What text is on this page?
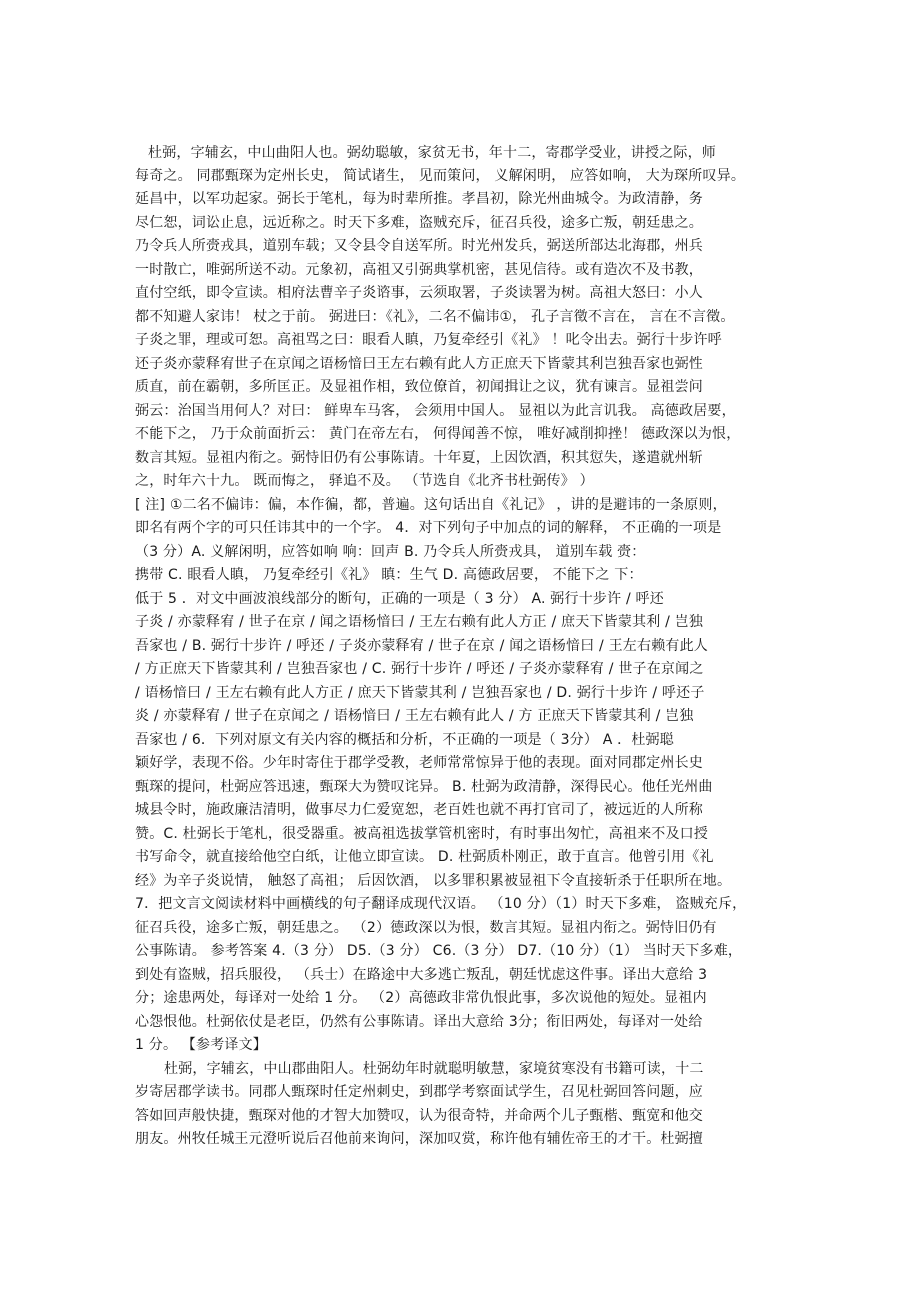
杜弼，字辅玄，中山曲阳人也。弼幼聪敏，家贫无书，年十二，寄郡学受业，讲授之际，师
每奇之。 同郡甄琛为定州长史， 简试诸生， 见而策问， 义解闲明， 应答如响， 大为琛所叹异。
延昌中，以军功起家。弼长于笔札，每为时辈所推。孝昌初，除光州曲城令。为政清静，务
尽仁恕，词讼止息，远近称之。时天下多难，盗贼充斥，征召兵役，途多亡叛，朝廷患之。
乃令兵人所赍戎具，道别车载；又令县令自送军所。时光州发兵，弼送所部达北海郡，州兵
一时散亡，唯弼所送不动。元象初，高祖又引弼典掌机密，甚见信待。或有造次不及书教，
直付空纸，即令宣读。相府法曹辛子炎谘事，云须取署，子炎读署为树。高祖大怒曰：小人
都不知避人家讳！ 杖之于前。 弼进曰：《礼》，二名不偏讳①， 孔子言徵不言在， 言在不言徵。
子炎之罪，理或可恕。高祖骂之曰：眼看人瞋，乃复牵经引《礼》 ！叱令出去。弼行十步许呼
还子炎亦蒙释宥世子在京闻之语杨愔曰王左右赖有此人方正庶天下皆蒙其利岂独吾家也弼性
质直，前在霸朝，多所匡正。及显祖作相，致位僚首，初闻揖让之议，犹有谏言。显祖尝问
弼云：治国当用何人？对曰： 鲜卑车马客， 会须用中国人。 显祖以为此言讥我。 高德政居要，
不能下之， 乃于众前面折云： 黄门在帝左右， 何得闻善不惊， 唯好减削抑挫！ 德政深以为恨，
数言其短。显祖内衔之。弼恃旧仍有公事陈请。十年夏，上因饮酒，积其愆失，遂遣就州斩
之，时年六十九。 既而悔之， 驿追不及。 （节选自《北齐书杜弼传》 ）
[ 注] ①二名不偏讳：偏，本作徧，都，普遍。这句话出自《礼记》 ，讲的是避讳的一条原则，
即名有两个字的可只任讳其中的一个字。 4．对下列句子中加点的词的解释， 不正确的一项是
（3 分）A. 义解闲明，应答如响 响：回声 B. 乃令兵人所赍戎具， 道别车载 赍：
携带 C. 眼看人瞋， 乃复牵经引《礼》 瞋：生气 D. 高德政居要， 不能下之 下：
低于 5 ．对文中画波浪线部分的断句，正确的一项是（ 3 分） A. 弼行十步许 / 呼还
子炎 / 亦蒙释宥 / 世子在京 / 闻之语杨愔曰 / 王左右赖有此人方正 / 庶天下皆蒙其利 / 岂独
吾家也 / B. 弼行十步许 / 呼还 / 子炎亦蒙释宥 / 世子在京 / 闻之语杨愔曰 / 王左右赖有此人
/ 方正庶天下皆蒙其利 / 岂独吾家也 / C. 弼行十步许 / 呼还 / 子炎亦蒙释宥 / 世子在京闻之
/ 语杨愔曰 / 王左右赖有此人方正 / 庶天下皆蒙其利 / 岂独吾家也 / D. 弼行十步许 / 呼还子
炎 / 亦蒙释宥 / 世子在京闻之 / 语杨愔曰 / 王左右赖有此人 / 方 正庶天下皆蒙其利 / 岂独
吾家也 / 6．下列对原文有关内容的概括和分析，不正确的一项是（ 3分） A ．杜弼聪
颖好学，表现不俗。少年时寄住于郡学受教，老师常常惊异于他的表现。面对同郡定州长史
甄琛的提问，杜弼应答迅速，甄琛大为赞叹诧异。 B. 杜弼为政清静，深得民心。他任光州曲
城县令时，施政廉洁清明，做事尽力仁爱宽恕，老百姓也就不再打官司了，被远近的人所称
赞。C. 杜弼长于笔札，很受器重。被高祖选拔掌管机密时，有时事出匆忙，高祖来不及口授
书写命令，就直接给他空白纸，让他立即宣读。 D. 杜弼质朴刚正，敢于直言。他曾引用《礼
经》为辛子炎说情， 触怒了高祖； 后因饮酒， 以多罪积累被显祖下令直接斩杀于任职所在地。
7．把文言文阅读材料中画横线的句子翻译成现代汉语。 （10 分）（1）时天下多难， 盗贼充斥，
征召兵役，途多亡叛，朝廷患之。 （2）德政深以为恨，数言其短。显祖内衔之。弼恃旧仍有
公事陈请。 参考答案 4.（3 分） D5.（3 分） C6.（3 分） D7.（10 分）（1） 当时天下多难，
到处有盗贼，招兵服役， （兵士）在路途中大多逃亡叛乱，朝廷忧虑这件事。译出大意给 3
分；途患两处，每译对一处给 1 分。 （2）高德政非常仇恨此事，多次说他的短处。显祖内
心怨恨他。杜弼依仗是老臣，仍然有公事陈请。译出大意给 3分；衔旧两处，每译对一处给
1 分。 【参考译文】
杜弼，字辅玄，中山郡曲阳人。杜弼幼年时就聪明敏慧，家境贫寒没有书籍可读，十二
岁寄居郡学读书。同郡人甄琛时任定州刺史，到郡学考察面试学生，召见杜弼回答问题，应
答如回声般快捷，甄琛对他的才智大加赞叹，认为很奇特，并命两个儿子甄楷、甄宽和他交
朋友。州牧任城王元澄听说后召他前来询问，深加叹赏，称许他有辅佐帝王的才干。杜弼擅
